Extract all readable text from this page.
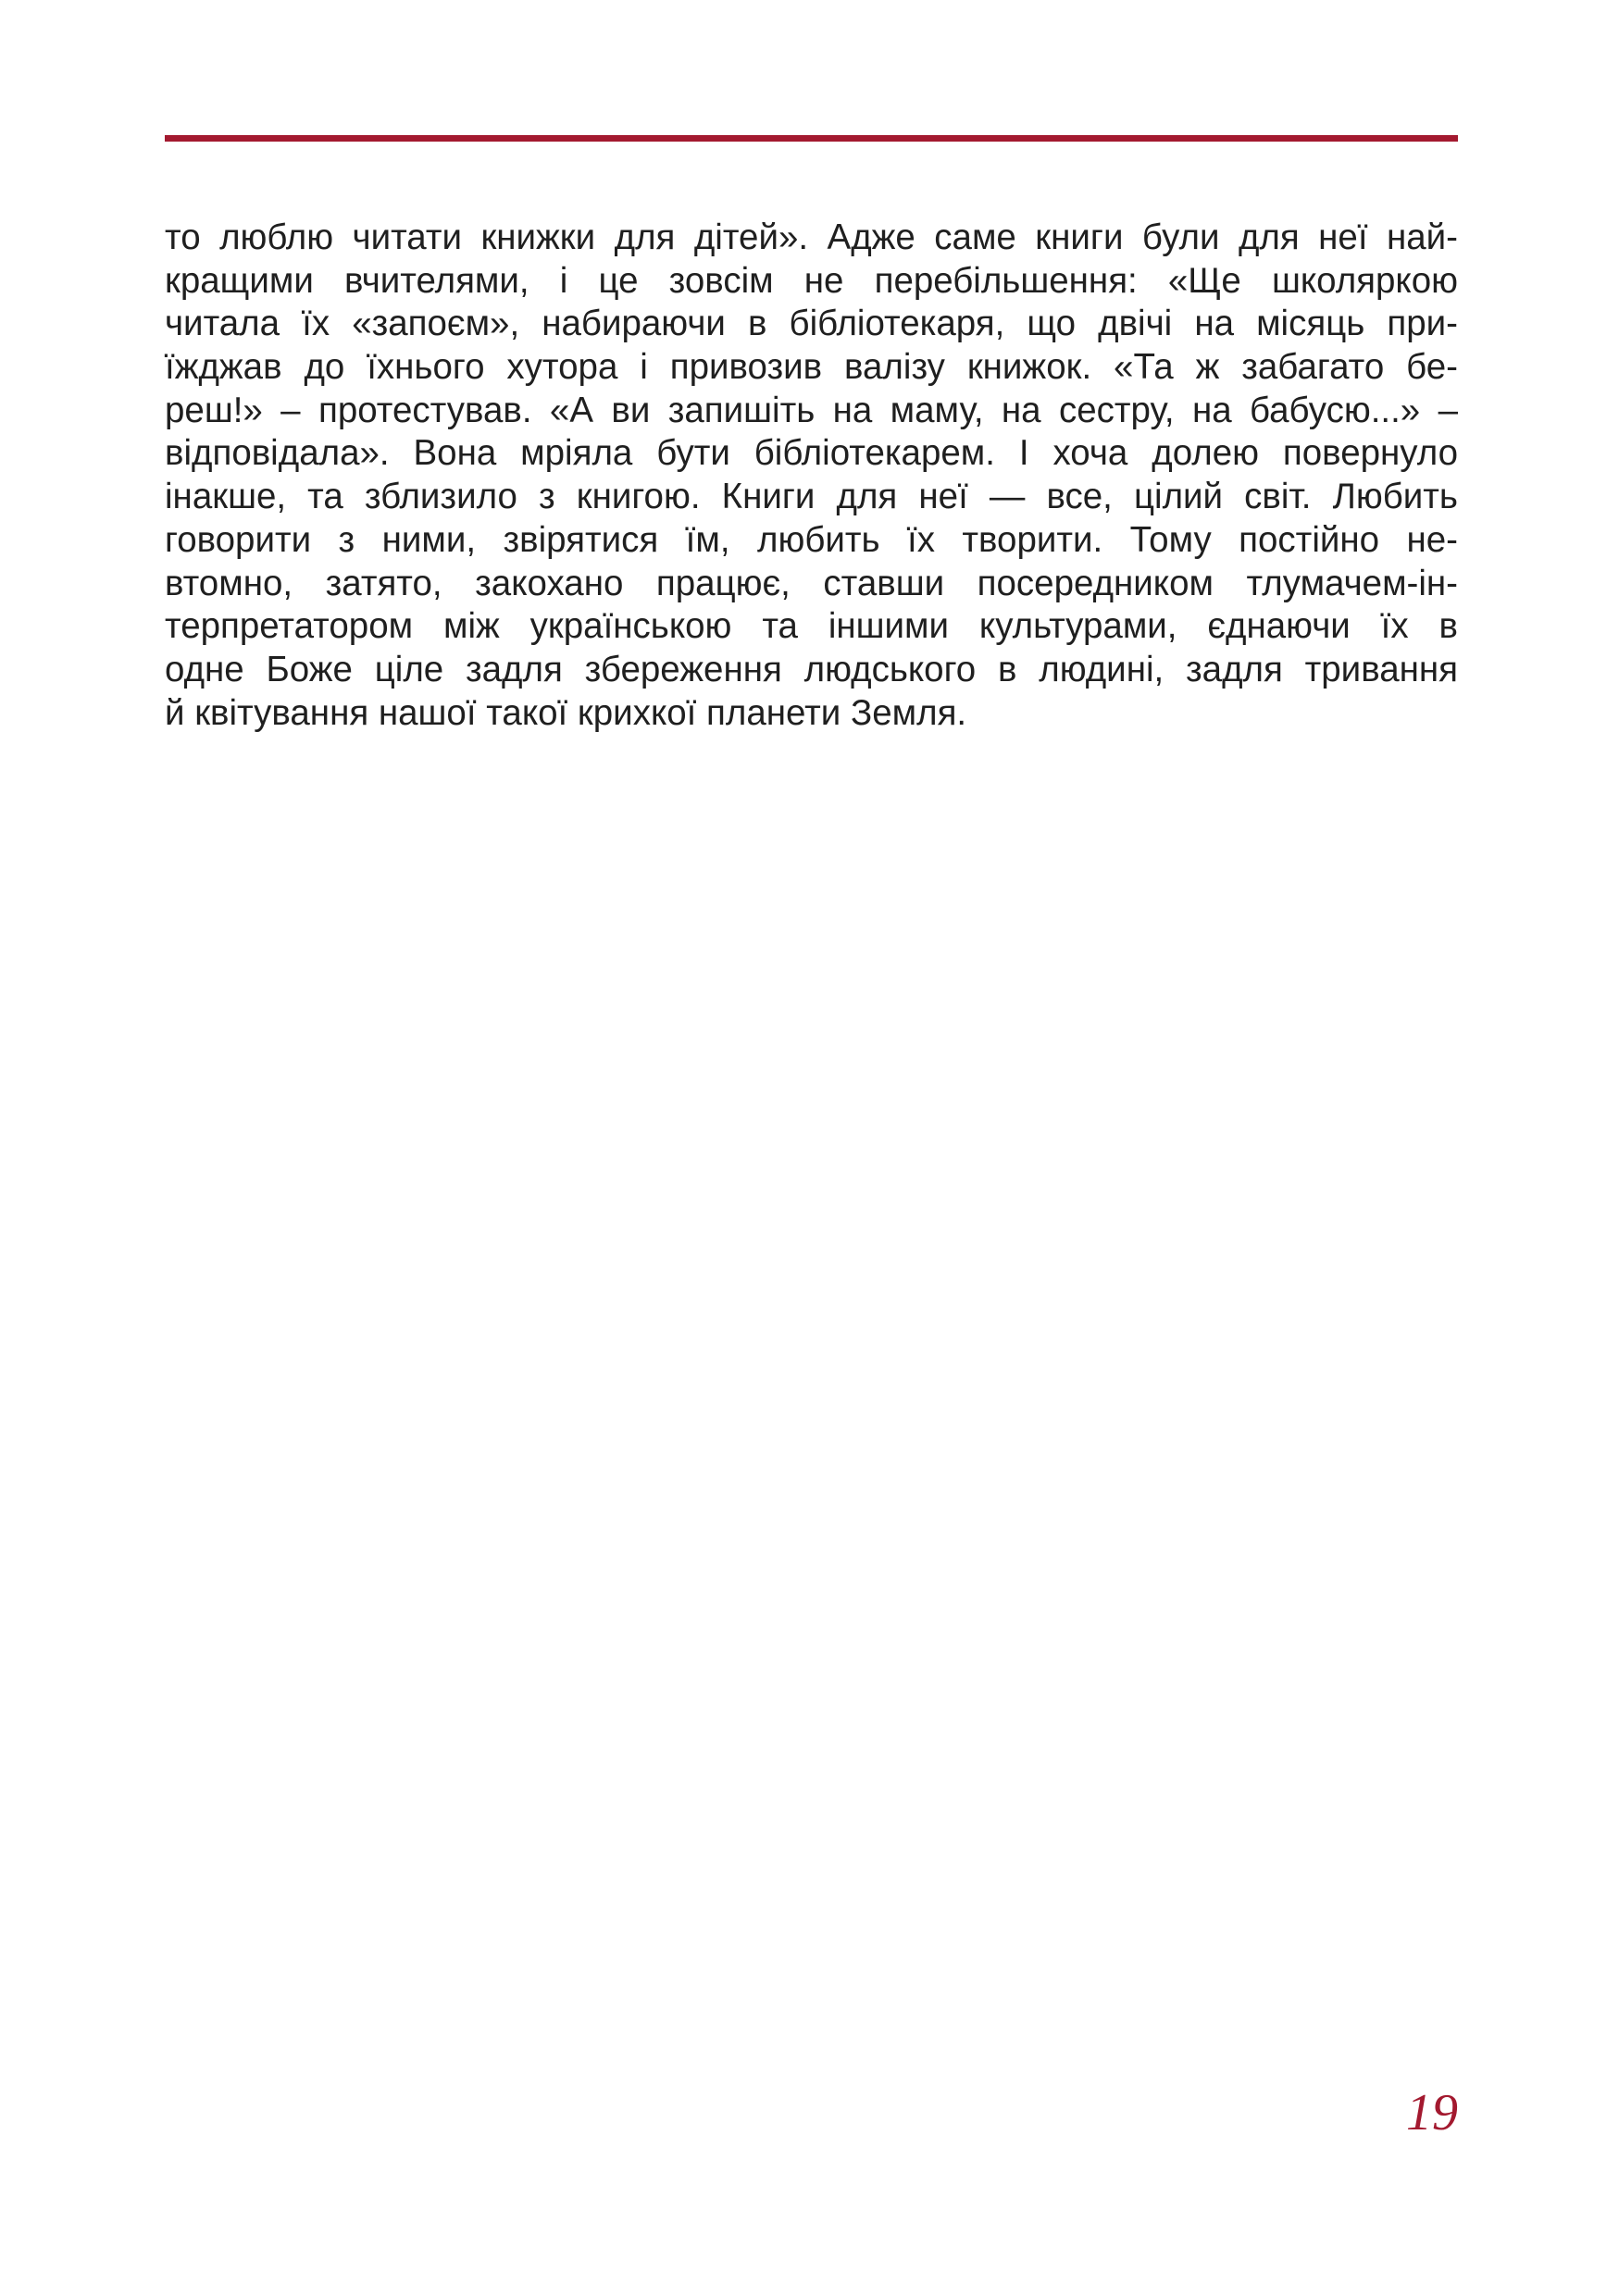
то люблю читати книжки для дітей». Адже саме книги були для неї най-
кращими вчителями, і це зовсім не перебільшення: «Ще школяркою
читала їх «запоєм», набираючи в бібліотекаря, що двічі на місяць при-
їжджав до їхнього хутора і привозив валізу книжок. «Та ж забагато бе-
реш!» – протестував. «А ви запишіть на маму, на сестру, на бабусю...» –
відповідала». Вона мріяла бути бібліотекарем. І хоча долею повернуло
інакше, та зблизило з книгою. Книги для неї — все, цілий світ. Любить
говорити з ними, звірятися їм, любить їх творити. Тому постійно не-
втомно, затято, закохано працює, ставши посередником тлумачем-ін-
терпретатором між українською та іншими культурами, єднаючи їх в
одне Боже ціле задля збереження людського в людині, задля тривання
й квітування нашої такої крихкої планети Земля.
19
